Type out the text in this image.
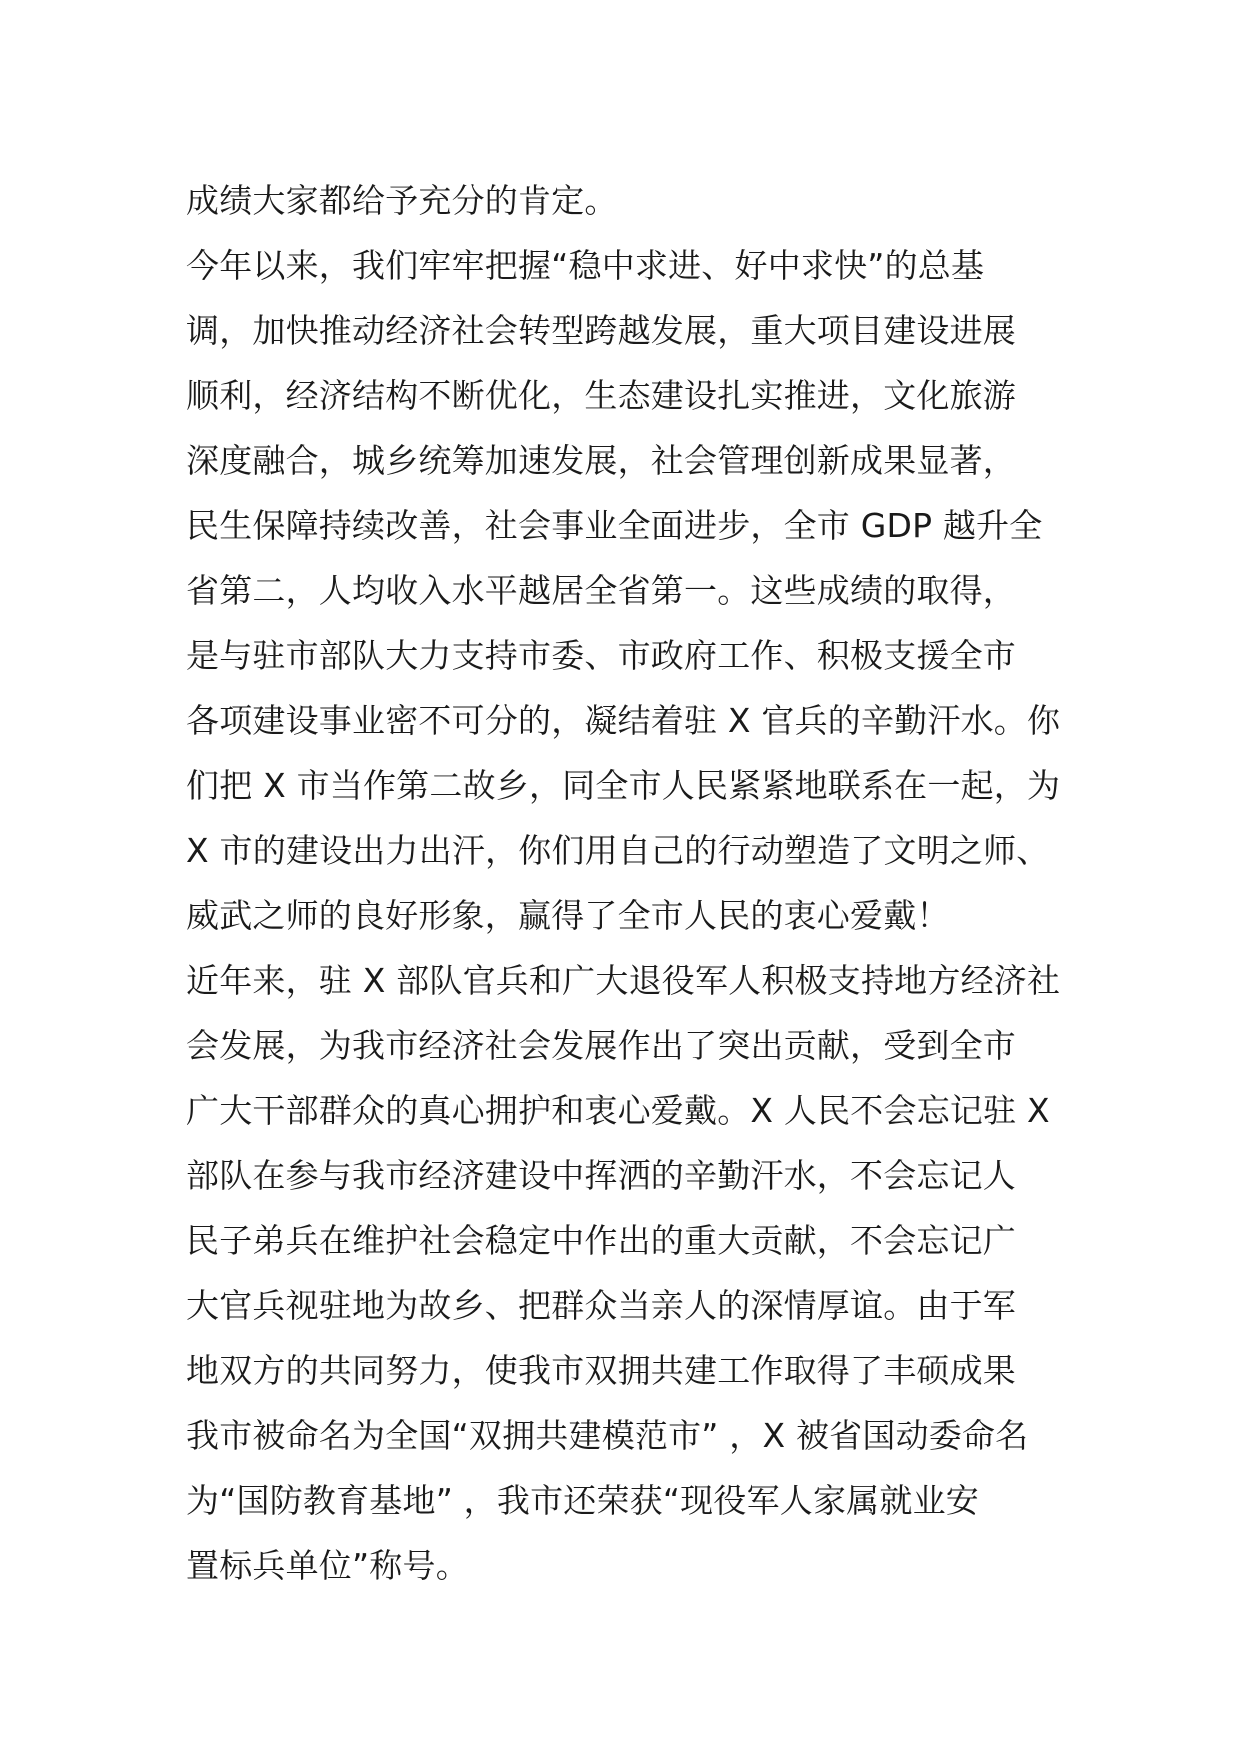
成绩大家都给予充分的肯定。
今年以来，我们牢牢把握“稳中求进、好中求快”的总基
调，加快推动经济社会转型跨越发展，重大项目建设进展
顺利，经济结构不断优化，生态建设扎实推进，文化旅游
深度融合，城乡统筹加速发展，社会管理创新成果显著，
民生保障持续改善，社会事业全面进步，全市 GDP 越升全
省第二，人均收入水平越居全省第一。这些成绩的取得，
是与驻市部队大力支持市委、市政府工作、积极支援全市
各项建设事业密不可分的，凝结着驻 X 官兵的辛勤汗水。你
们把 X 市当作第二故乡，同全市人民紧紧地联系在一起，为
X 市的建设出力出汗，你们用自己的行动塑造了文明之师、
威武之师的良好形象，赢得了全市人民的衷心爱戴！
近年来，驻 X 部队官兵和广大退役军人积极支持地方经济社
会发展，为我市经济社会发展作出了突出贡献，受到全市
广大干部群众的真心拥护和衷心爱戴。X 人民不会忘记驻 X
部队在参与我市经济建设中挥洒的辛勤汗水，不会忘记人
民子弟兵在维护社会稳定中作出的重大贡献，不会忘记广
大官兵视驻地为故乡、把群众当亲人的深情厚谊。由于军
地双方的共同努力，使我市双拥共建工作取得了丰硕成果
我市被命名为全国“双拥共建模范市” ，X 被省国动委命名
为“国防教育基地” ，我市还荣获“现役军人家属就业安
置标兵单位”称号。
